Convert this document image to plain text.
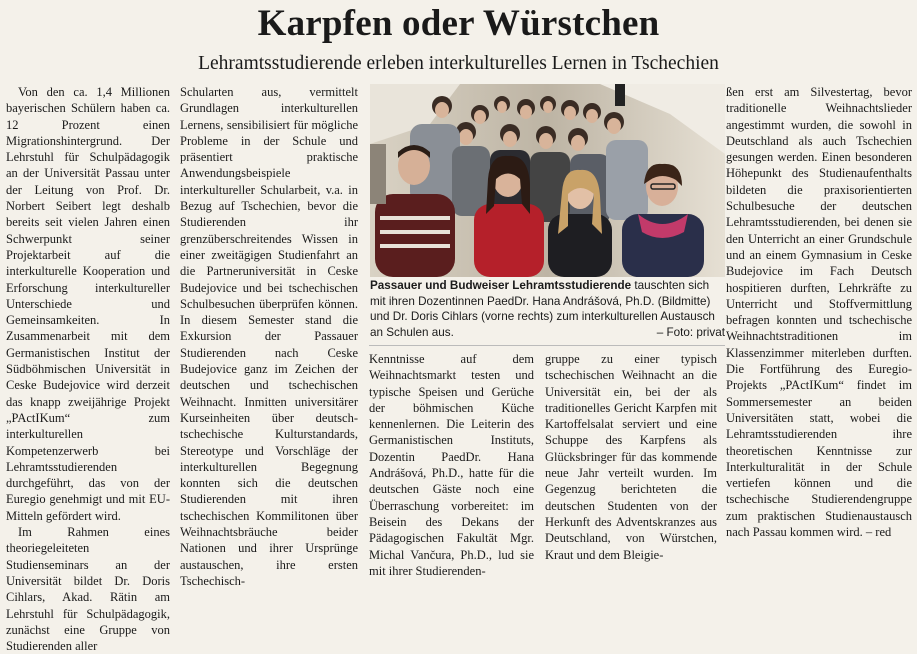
Karpfen oder Würstchen
Lehramtsstudierende erleben interkulturelles Lernen in Tschechien

Von den ca. 1,4 Millionen bayerischen Schülern haben ca. 12 Prozent einen Migrationshintergrund. Der Lehrstuhl für Schulpädagogik an der Universität Passau unter der Leitung von Prof. Dr. Norbert Seibert legt deshalb bereits seit vielen Jahren einen Schwerpunkt seiner Projektarbeit auf die interkulturelle Kooperation und Erforschung interkultureller Unterschiede und Gemeinsamkeiten. In Zusammenarbeit mit dem Germanistischen Institut der Südböhmischen Universität in Ceske Budejovice wird derzeit das knapp zweijährige Projekt „PActIKum“ zum interkulturellen Kompetenzerwerb bei Lehramtsstudierenden durchgeführt, das von der Euregio genehmigt und mit EU-Mitteln gefördert wird.

Im Rahmen eines theoriegeleiteten Studienseminars an der Universität bildet Dr. Doris Cihlars, Akad. Rätin am Lehrstuhl für Schulpädagogik, zunächst eine Gruppe von Studierenden aller

Schularten aus, vermittelt Grundlagen interkulturellen Lernens, sensibilisiert für mögliche Probleme in der Schule und präsentiert praktische Anwendungsbeispiele interkultureller Schularbeit, v.a. in Bezug auf Tschechien, bevor die Studierenden ihr grenzüberschreitendes Wissen in einer zweitägigen Studienfahrt an die Partneruniversität in Ceske Budejovice und bei tschechischen Schulbesuchen überprüfen können. In diesem Semester stand die Exkursion der Passauer Studierenden nach Ceske Budejovice ganz im Zeichen der deutschen und tschechischen Weihnacht. Inmitten universitärer Kurseinheiten über deutsch-tschechische Kulturstandards, Stereotype und Vorschläge der interkulturellen Begegnung konnten sich die deutschen Studierenden mit ihren tschechischen Kommilitonen über Weihnachtsbräuche beider Nationen und ihrer Ursprünge austauschen, ihre ersten Tschechisch-

Passauer und Budweiser Lehramtsstudierende tauschten sich mit ihren Dozentinnen PaedDr. Hana Andrášová, Ph.D. (Bildmitte) und Dr. Doris Cihlars (vorne rechts) zum interkulturellen Austausch an Schulen aus.	– Foto: privat

Kenntnisse auf dem Weihnachtsmarkt testen und typische Speisen und Gerüche der böhmischen Küche kennenlernen. Die Leiterin des Germanistischen Instituts, Dozentin PaedDr. Hana Andrášová, Ph.D., hatte für die deutschen Gäste noch eine Überraschung vorbereitet: im Beisein des Dekans der Pädagogischen Fakultät Mgr. Michal Vančura, Ph.D., lud sie mit ihrer Studierenden-

gruppe zu einer typisch tschechischen Weihnacht an die Universität ein, bei der als traditionelles Gericht Karpfen mit Kartoffelsalat serviert und eine Schuppe des Karpfens als Glücksbringer für das kommende neue Jahr verteilt wurden. Im Gegenzug berichteten die deutschen Studenten von der Herkunft des Adventskranzes aus Deutschland, von Würstchen, Kraut und dem Bleigie-

ßen erst am Silvestertag, bevor traditionelle Weihnachtslieder angestimmt wurden, die sowohl in Deutschland als auch Tschechien gesungen werden. Einen besonderen Höhepunkt des Studienaufenthalts bildeten die praxisorientierten Schulbesuche der deutschen Lehramtsstudierenden, bei denen sie den Unterricht an einer Grundschule und an einem Gymnasium in Ceske Budejovice im Fach Deutsch hospitieren durften, Lehrkräfte zu Unterricht und Stoffvermittlung befragen konnten und tschechische Weihnachtstraditionen im Klassenzimmer miterleben durften. Die Fortführung des Euregio-Projekts „PActIKum“ findet im Sommersemester an beiden Universitäten statt, wobei die Lehramtsstudierenden ihre theoretischen Kenntnisse zur Interkulturalität in der Schule vertiefen können und die tschechische Studierendengruppe zum praktischen Studienaustausch nach Passau kommen wird. – red
